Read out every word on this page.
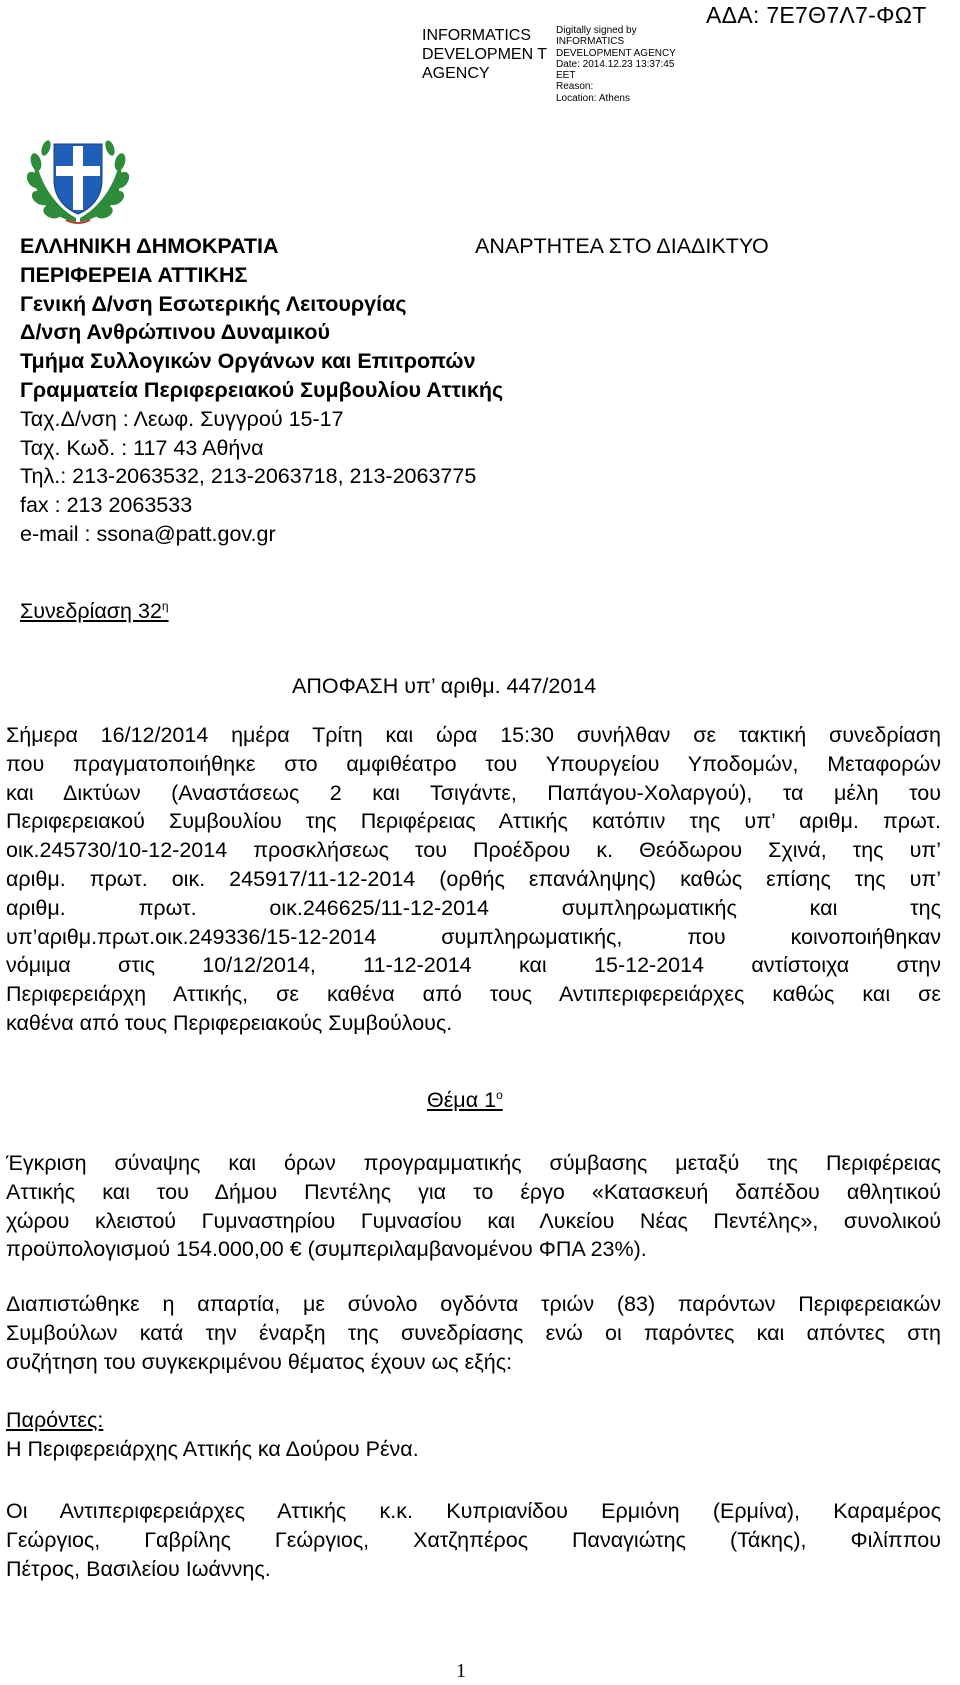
INFORMATICS DEVELOPMEN T AGENCY
Digitally signed by
INFORMATICS
DEVELOPMENT AGENCY
Date: 2014.12.23 13:37:45
EET
Reason:
Location: Athens
ΑΔΑ: 7Ε7Θ7Λ7-ΦΩΤ
ΕΛΛΗΝΙΚΗ ΔΗΜΟΚΡΑΤΙΑ
ΠΕΡΙΦΕΡΕΙΑ ΑΤΤΙΚΗΣ
Γενική Δ/νση Εσωτερικής Λειτουργίας
Δ/νση Ανθρώπινου Δυναμικού
Τμήμα Συλλογικών Οργάνων και Επιτροπών
Γραμματεία Περιφερειακού Συμβουλίου Αττικής
Ταχ.Δ/νση : Λεωφ. Συγγρού 15-17
Ταχ. Κωδ. : 117 43 Αθήνα
Τηλ.: 213-2063532, 213-2063718, 213-2063775
fax : 213 2063533
e-mail : ssona@patt.gov.gr
ΑΝΑΡΤΗΤΕΑ ΣΤΟ ΔΙΑΔΙΚΤΥΟ
Συνεδρίαση $32^\eta$
ΑΠΟΦΑΣΗ υπ’ αριθμ. 447/2014
Σήμερα 16/12/2014 ημέρα Τρίτη και ώρα 15:30 συνήλθαν σε τακτική συνεδρίαση
που πραγματοποιήθηκε στο αμφιθέατρο του Υπουργείου Υποδομών, Μεταφορών
και Δικτύων (Αναστάσεως 2 και Τσιγάντε, Παπάγου-Χολαργού), τα μέλη του
Περιφερειακού Συμβουλίου της Περιφέρειας Αττικής κατόπιν της υπ’ αριθμ. πρωτ.
οικ.245730/10-12-2014 προσκλήσεως του Προέδρου κ. Θεόδωρου Σχινά, της υπ’
αριθμ. πρωτ. οικ. 245917/11-12-2014 (ορθής επανάληψης) καθώς επίσης της υπ’
αριθμ. πρωτ. οικ.246625/11-12-2014 συμπληρωματικής και της
υπ’αριθμ.πρωτ.οικ.249336/15-12-2014 συμπληρωματικής, που κοινοποιήθηκαν
νόμιμα στις 10/12/2014, 11-12-2014 και 15-12-2014 αντίστοιχα στην
Περιφερειάρχη Αττικής, σε καθένα από τους Αντιπεριφερειάρχες καθώς και σε
καθένα από τους Περιφερειακούς Συμβούλους.
Θέμα $1^o$
Έγκριση σύναψης και όρων προγραμματικής σύμβασης μεταξύ της Περιφέρειας
Αττικής και του Δήμου Πεντέλης για το έργο «Κατασκευή δαπέδου αθλητικού
χώρου κλειστού Γυμναστηρίου Γυμνασίου και Λυκείου Νέας Πεντέλης», συνολικού
προϋπολογισμού 154.000,00 € (συμπεριλαμβανομένου ΦΠΑ 23%).
Διαπιστώθηκε η απαρτία, με σύνολο ογδόντα τριών (83) παρόντων Περιφερειακών
Συμβούλων κατά την έναρξη της συνεδρίασης ενώ οι παρόντες και απόντες στη
συζήτηση του συγκεκριμένου θέματος έχουν ως εξής:
Παρόντες:
Η Περιφερειάρχης Αττικής κα Δούρου Ρένα.
Οι Αντιπεριφερειάρχες Αττικής κ.κ. Κυπριανίδου Ερμιόνη (Ερμίνα), Καραμέρος
Γεώργιος, Γαβρίλης Γεώργιος, Χατζηπέρος Παναγιώτης (Τάκης), Φιλίππου
Πέτρος, Βασιλείου Ιωάννης.
1
